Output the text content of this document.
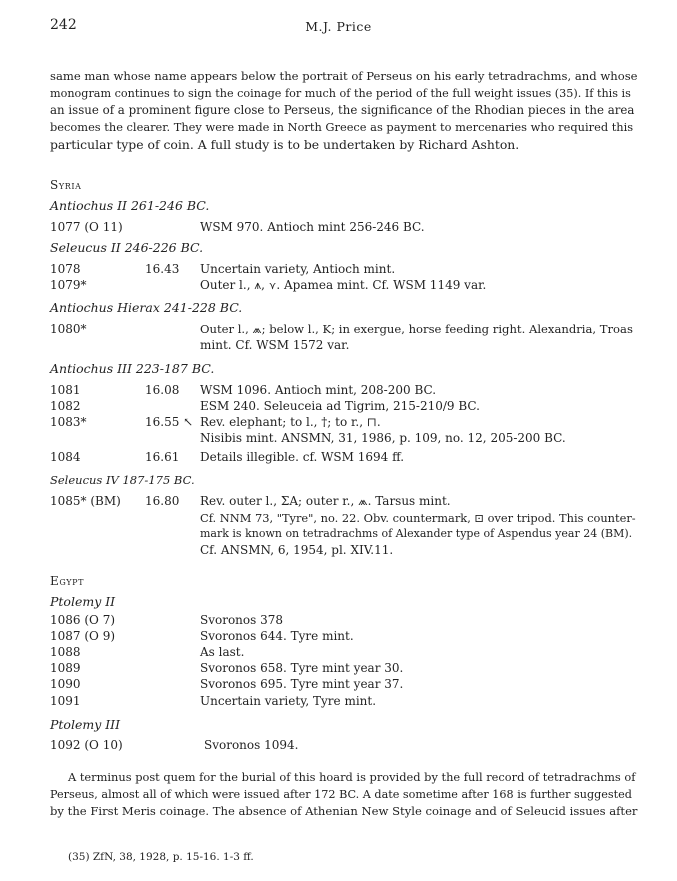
242	M.J. Price
same man whose name appears below the portrait of Perseus on his early tetradrachms, and whose
monogram continues to sign the coinage for much of the period of the full weight issues (35). If this is
an issue of a prominent figure close to Perseus, the significance of the Rhodian pieces in the area
becomes the clearer. They were made in North Greece as payment to mercenaries who required this
particular type of coin. A full study is to be undertaken by Richard Ashton.
Syria
Antiochus II 261-246 BC.
1077 (O 11)	WSM 970. Antioch mint 256-246 BC.
Seleucus II 246-226 BC.
1078	16.43 Uncertain variety, Antioch mint.
1079*	Outer l., ⩚, ⋎. Apamea mint. Cf. WSM 1149 var.
Antiochus Hierax 241-228 BC.
1080*	Outer l., ⩕; below l., K; in exergue, horse feeding right. Alexandria, Troas
mint. Cf. WSM 1572 var.
Antiochus III 223-187 BC.
1081	16.08 WSM 1096. Antioch mint, 208-200 BC.
1082	ESM 240. Seleuceia ad Tigrim, 215-210/9 BC.
1083*	16.55 ↖ Rev. elephant; to l., †; to r., ⊓.
Nisibis mint. ANSMN, 31, 1986, p. 109, no. 12, 205-200 BC.
1084	16.61 Details illegible. cf. WSM 1694 ff.
Seleucus IV 187-175 BC.
1085* (BM) 16.80 Rev. outer l., ΣA; outer r., ⩕. Tarsus mint.
Cf. NNM 73, "Tyre", no. 22. Obv. countermark, ⊡ over tripod. This counter-
mark is known on tetradrachms of Alexander type of Aspendus year 24 (BM).
Cf. ANSMN, 6, 1954, pl. XIV.11.
Egypt
Ptolemy II
1086 (O 7)	Svoronos 378
1087 (O 9)	Svoronos 644. Tyre mint.
1088	As last.
1089	Svoronos 658. Tyre mint year 30.
1090	Svoronos 695. Tyre mint year 37.
1091	Uncertain variety, Tyre mint.
Ptolemy III
1092 (O 10)	Svoronos 1094.
A terminus post quem for the burial of this hoard is provided by the full record of tetradrachms of
Perseus, almost all of which were issued after 172 BC. A date sometime after 168 is further suggested
by the First Meris coinage. The absence of Athenian New Style coinage and of Seleucid issues after
(35) ZfN, 38, 1928, p. 15-16. 1-3 ff.
